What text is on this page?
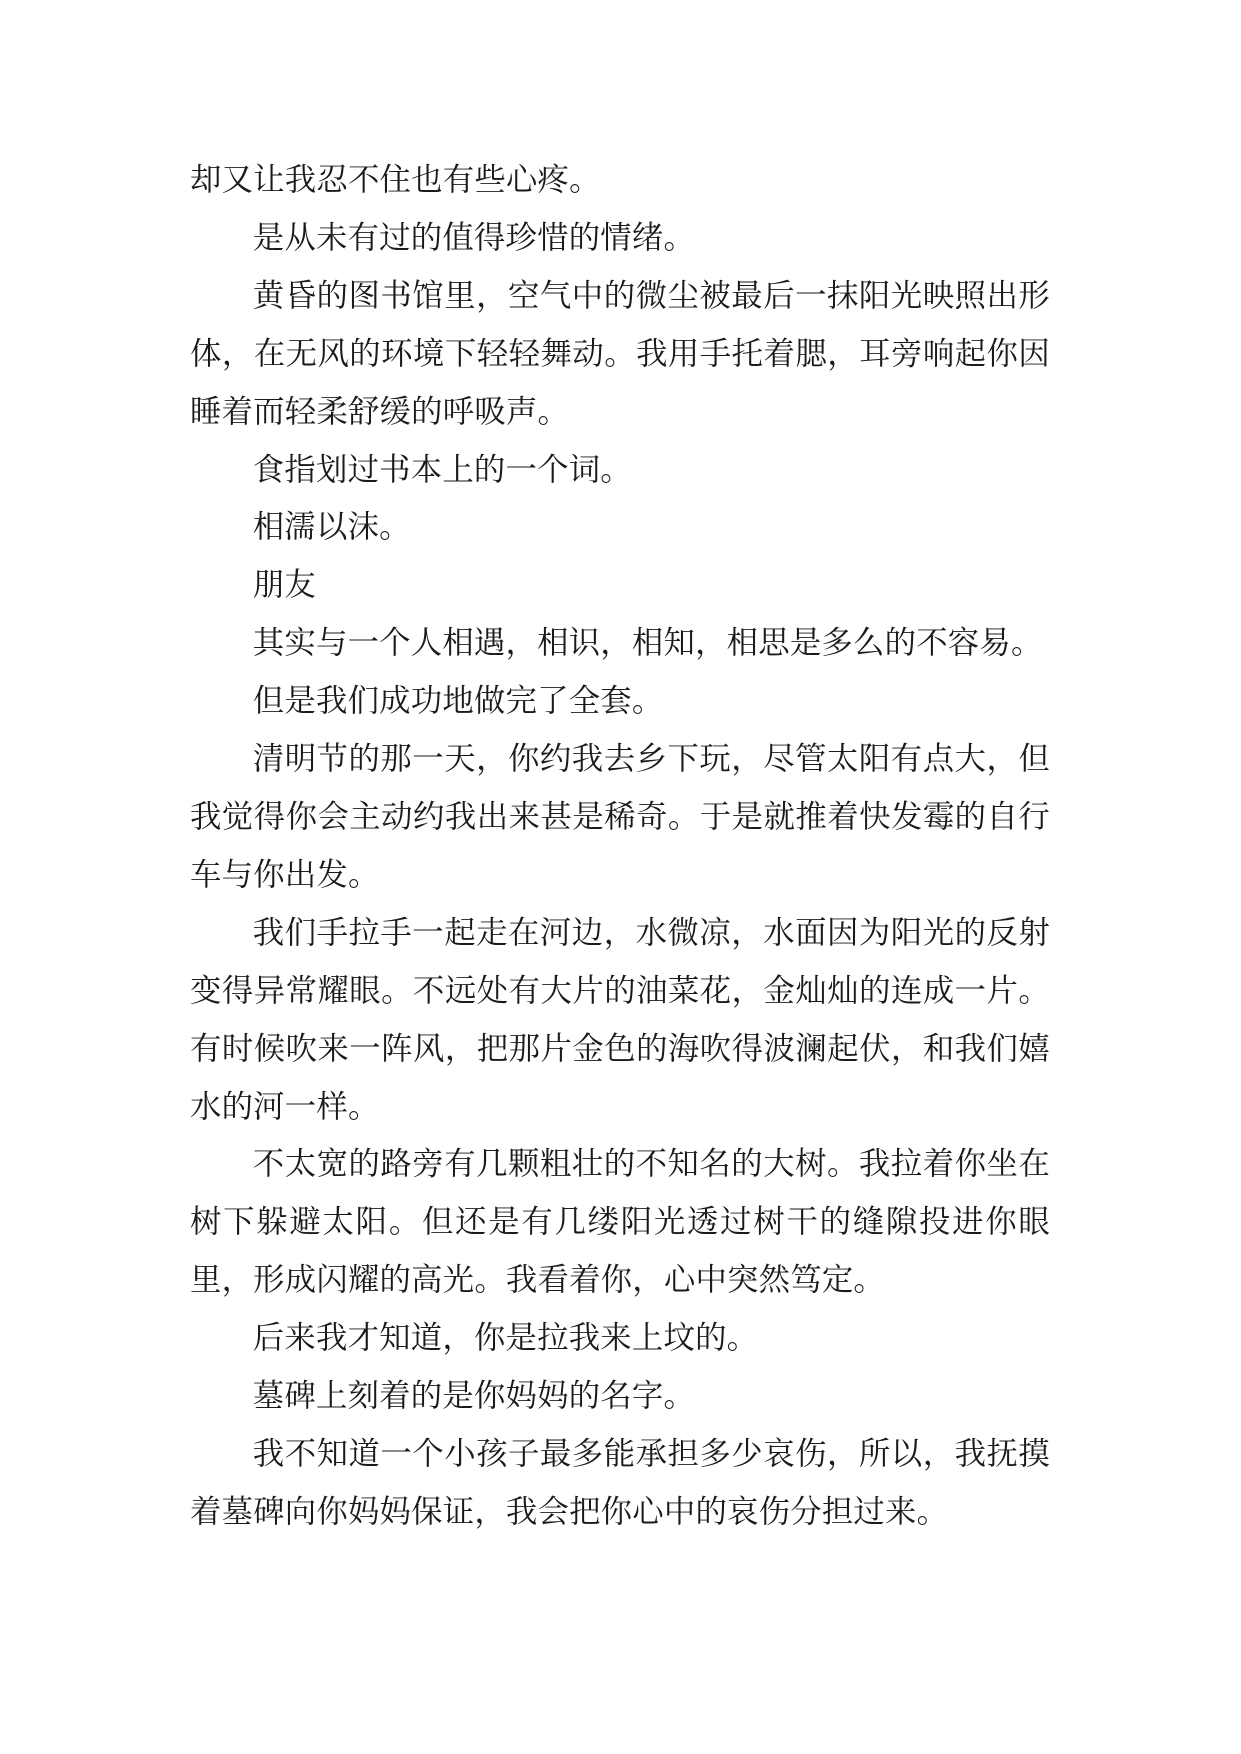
却又让我忍不住也有些心疼。

是从未有过的值得珍惜的情绪。

黄昏的图书馆里，空气中的微尘被最后一抹阳光映照出形体，在无风的环境下轻轻舞动。我用手托着腮，耳旁响起你因睡着而轻柔舒缓的呼吸声。

食指划过书本上的一个词。

相濡以沫。

朋友

其实与一个人相遇，相识，相知，相思是多么的不容易。

但是我们成功地做完了全套。

清明节的那一天，你约我去乡下玩，尽管太阳有点大，但我觉得你会主动约我出来甚是稀奇。于是就推着快发霉的自行车与你出发。

我们手拉手一起走在河边，水微凉，水面因为阳光的反射变得异常耀眼。不远处有大片的油菜花，金灿灿的连成一片。有时候吹来一阵风，把那片金色的海吹得波澜起伏，和我们嬉水的河一样。

不太宽的路旁有几颗粗壮的不知名的大树。我拉着你坐在树下躲避太阳。但还是有几缕阳光透过树干的缝隙投进你眼里，形成闪耀的高光。我看着你，心中突然笃定。

后来我才知道，你是拉我来上坟的。

墓碑上刻着的是你妈妈的名字。

我不知道一个小孩子最多能承担多少哀伤，所以，我抚摸着墓碑向你妈妈保证，我会把你心中的哀伤分担过来。
